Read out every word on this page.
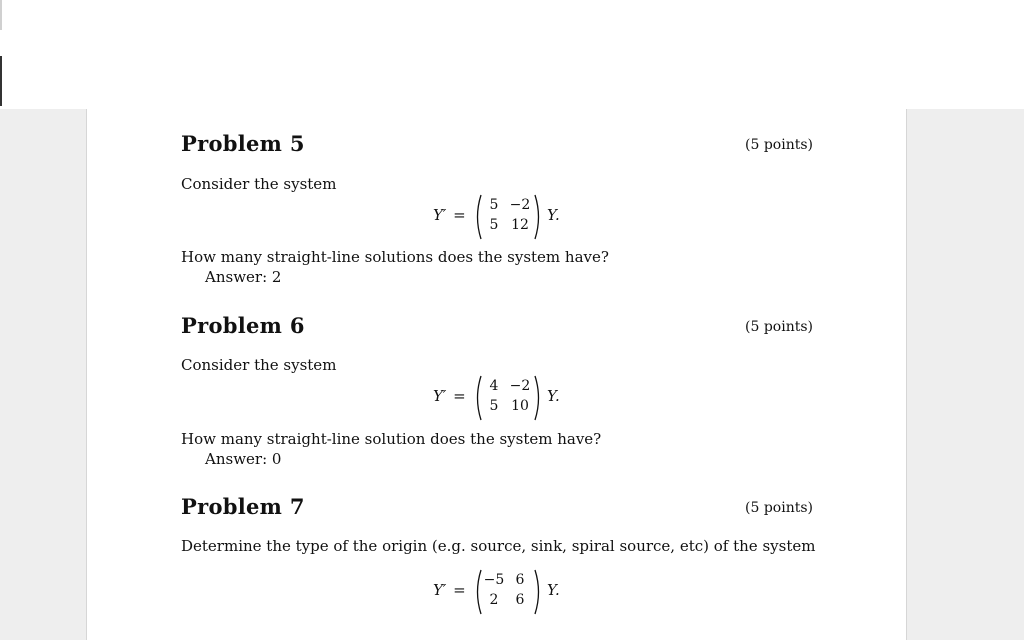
Problem 5	(5 points)
Consider the system
Y′ =
5 −2
5 12
Y.
How many straight-line solutions does the system have?
Answer: 2
Problem 6	(5 points)
Consider the system
Y′ =
4 −2
5 10
Y.
How many straight-line solution does the system have?
Answer: 0
Problem 7	(5 points)
Determine the type of the origin (e.g. source, sink, spiral source, etc) of the system
Y′ =
−5 6
2	6
Y.
